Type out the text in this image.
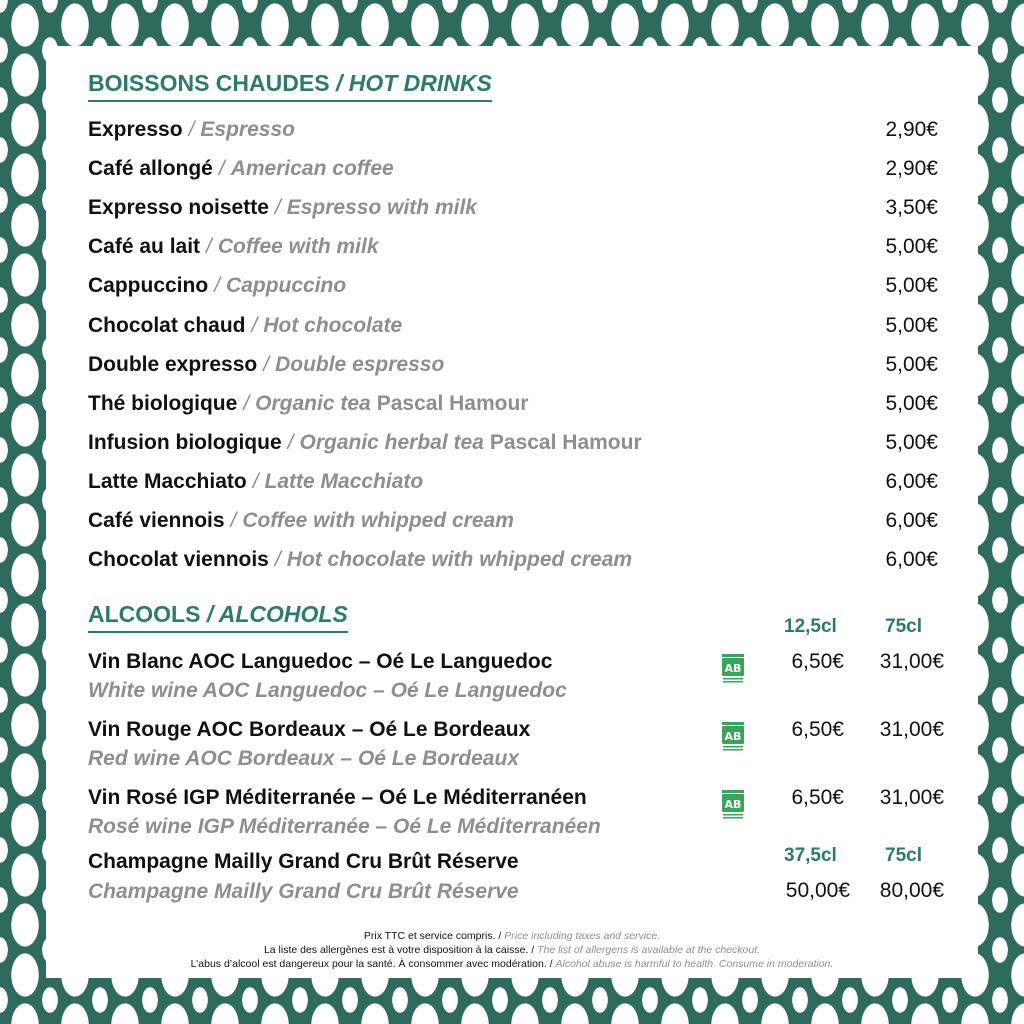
BOISSONS CHAUDES / HOT DRINKS
Expresso / Espresso	2,90€
Café allongé / American coffee	2,90€
Expresso noisette / Espresso with milk	3,50€
Café au lait / Coffee with milk	5,00€
Cappuccino / Cappuccino	5,00€
Chocolat chaud / Hot chocolate	5,00€
Double expresso / Double espresso	5,00€
Thé biologique / Organic tea Pascal Hamour	5,00€
Infusion biologique / Organic herbal tea Pascal Hamour	5,00€
Latte Macchiato / Latte Macchiato	6,00€
Café viennois / Coffee with whipped cream	6,00€
Chocolat viennois / Hot chocolate with whipped cream	6,00€
ALCOOLS / ALCOHOLS	12,5cl	75cl
Vin Blanc AOC Languedoc – Oé Le Languedoc
White wine AOC Languedoc – Oé Le Languedoc
AB 6,50€ 31,00€
Vin Rouge AOC Bordeaux – Oé Le Bordeaux
Red wine AOC Bordeaux – Oé Le Bordeaux
AB 6,50€ 31,00€
Vin Rosé IGP Méditerranée – Oé Le Méditerranéen
Rosé wine IGP Méditerranée – Oé Le Méditerranéen
AB 6,50€ 31,00€
37,5cl	75cl
Champagne Mailly Grand Cru Brût Réserve
Champagne Mailly Grand Cru Brût Réserve	50,00€ 80,00€
Prix TTC et service compris. / Price including taxes and service.
La liste des allergènes est à votre disposition à la caisse. / The list of allergens is available at the checkout.
L’abus d’alcool est dangereux pour la santé. À consommer avec modération. / Alcohol abuse is harmful to health. Consume in moderation.
